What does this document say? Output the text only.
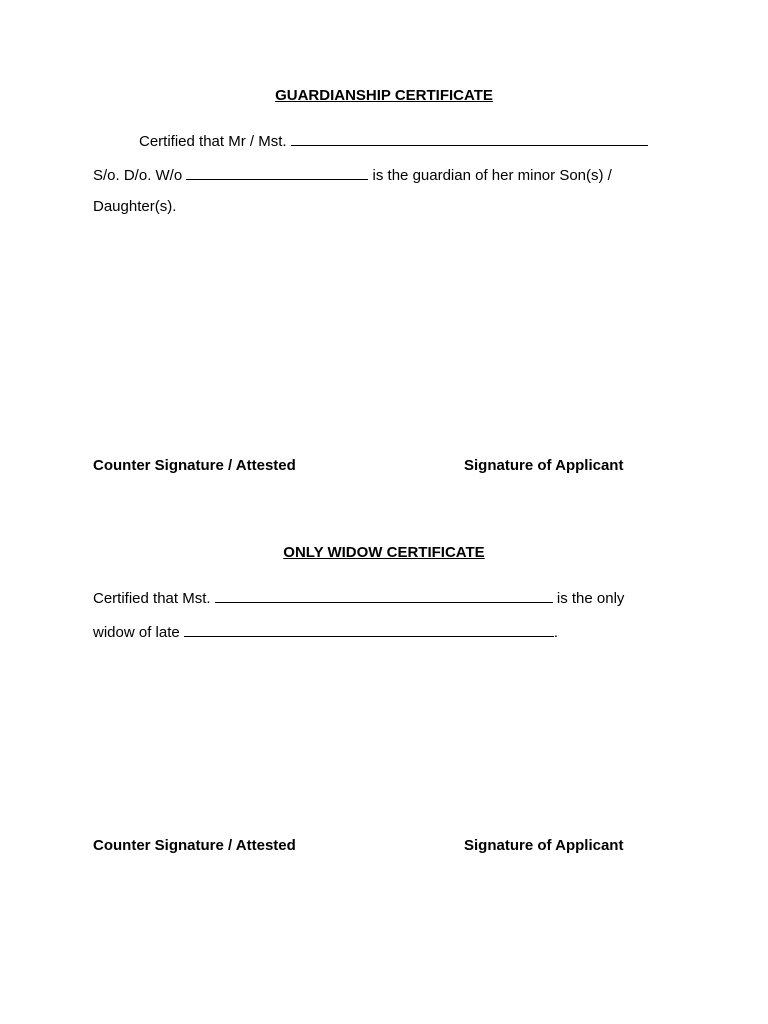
GUARDIANSHIP CERTIFICATE
Certified that Mr / Mst.
S/o. D/o. W/o	is the guardian of her minor Son(s) /
Daughter(s).
Counter Signature / Attested	Signature of Applicant
ONLY WIDOW CERTIFICATE
Certified that Mst.	is the only
widow of late	.
Counter Signature / Attested	Signature of Applicant
